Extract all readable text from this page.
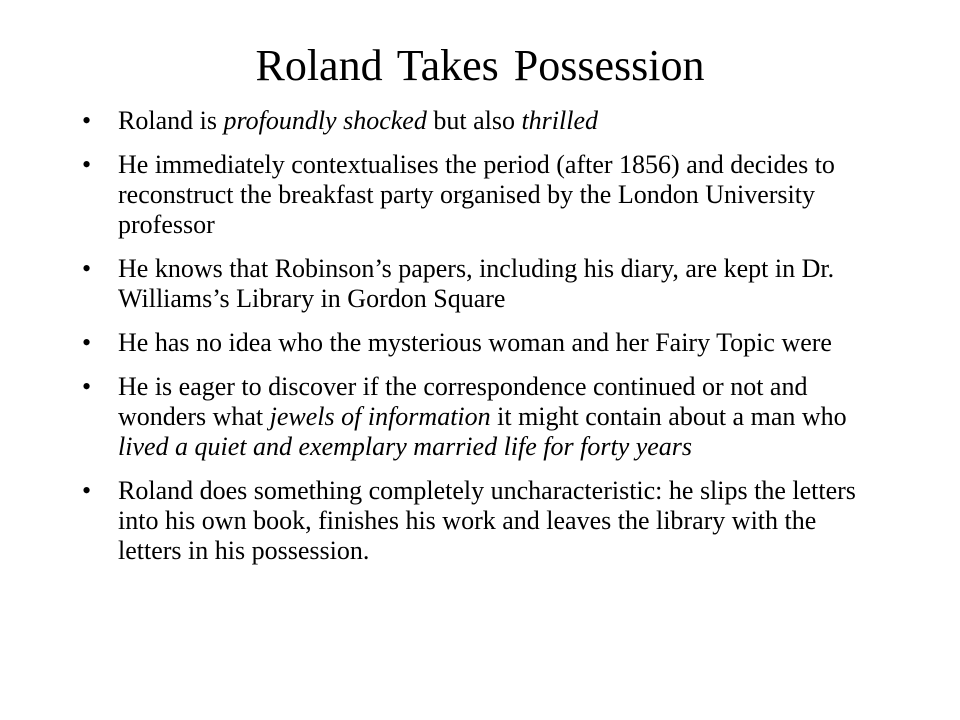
Roland Takes Possession
•	Roland is profoundly shocked but also thrilled
•	He immediately contextualises the period (after 1856) and decides to reconstruct the breakfast party organised by the London University professor
•	He knows that Robinson’s papers, including his diary, are kept in Dr. Williams’s Library in Gordon Square
•	He has no idea who the mysterious woman and her Fairy Topic were
•	He is eager to discover if the correspondence continued or not and wonders what jewels of information it might contain about a man who lived a quiet and exemplary married life for forty years
•	Roland does something completely uncharacteristic: he slips the letters into his own book, finishes his work and leaves the library with the letters in his possession.
